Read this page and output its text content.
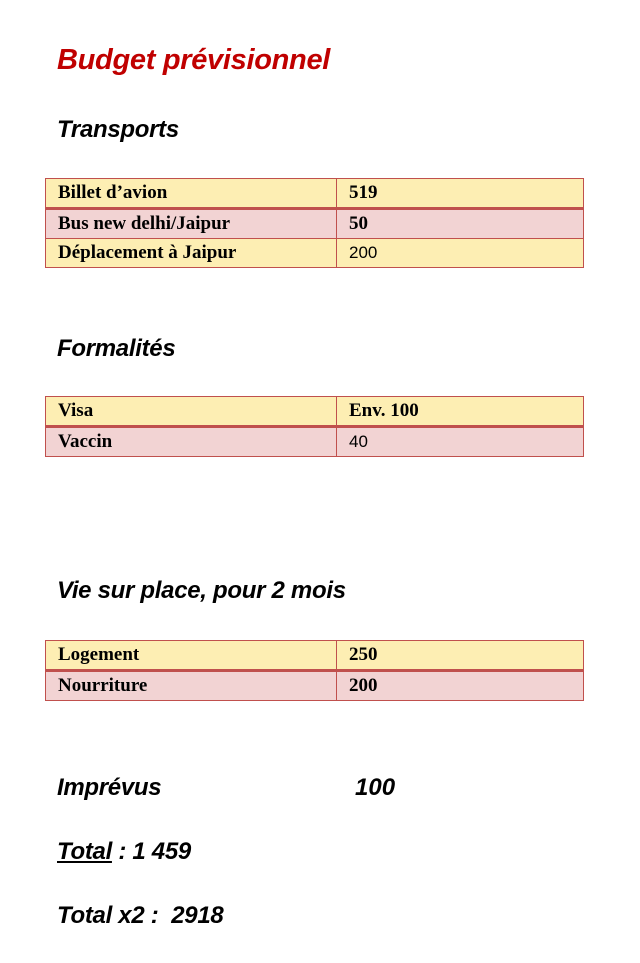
Budget prévisionnel
Transports
Billet d’avion	519
Bus new delhi/Jaipur	50
Déplacement à Jaipur	200
Formalités
Visa	Env. 100
Vaccin	40
Vie sur place, pour 2 mois
Logement	250
Nourriture	200

Imprévus	100

Total : 1 459

Total x2 : 2918
